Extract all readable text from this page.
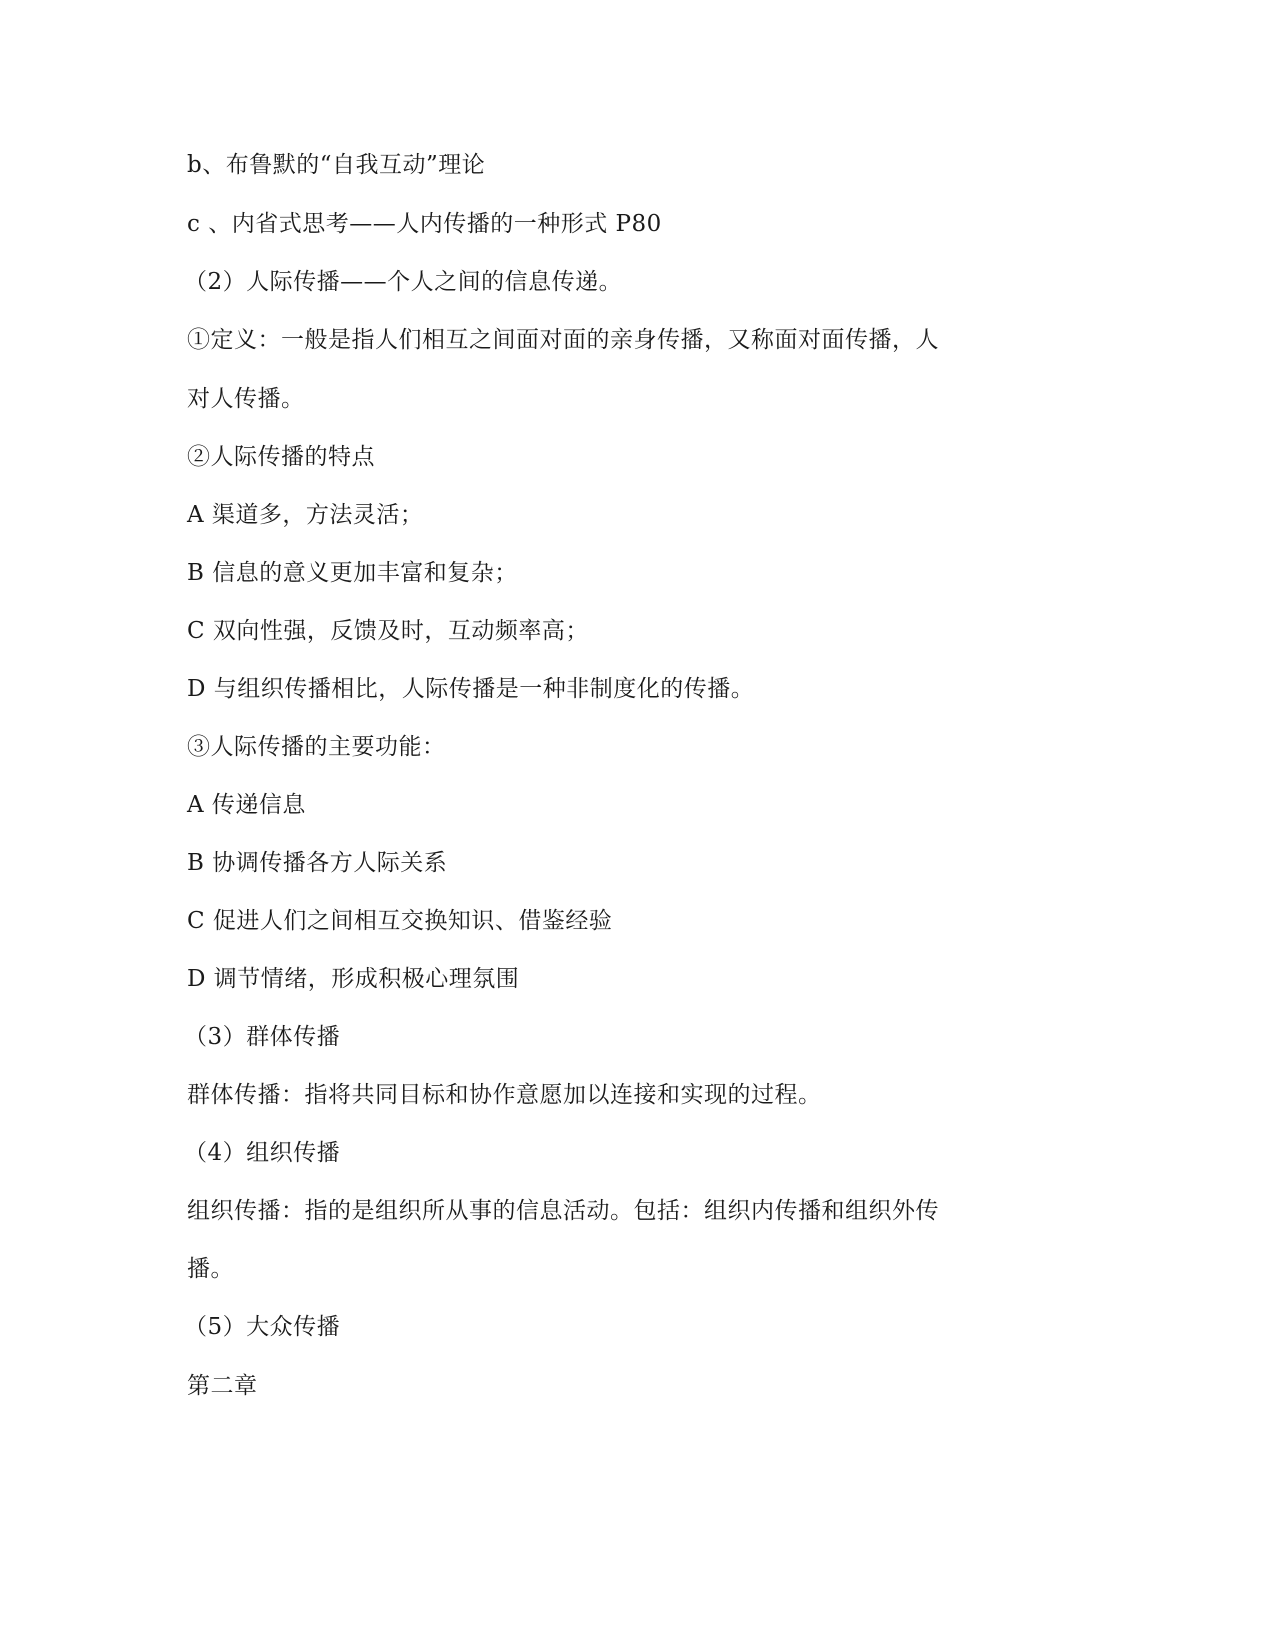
b、布鲁默的“自我互动”理论
c 、内省式思考——人内传播的一种形式 P80
（2）人际传播——个人之间的信息传递。
①定义：一般是指人们相互之间面对面的亲身传播，又称面对面传播，人
对人传播。
②人际传播的特点
A 渠道多，方法灵活；
B 信息的意义更加丰富和复杂；
C 双向性强，反馈及时，互动频率高；
D 与组织传播相比，人际传播是一种非制度化的传播。
③人际传播的主要功能：
A 传递信息
B 协调传播各方人际关系
C 促进人们之间相互交换知识、借鉴经验
D 调节情绪，形成积极心理氛围
（3）群体传播
群体传播：指将共同目标和协作意愿加以连接和实现的过程。
（4）组织传播
组织传播：指的是组织所从事的信息活动。包括：组织内传播和组织外传
播。
（5）大众传播
第二章
